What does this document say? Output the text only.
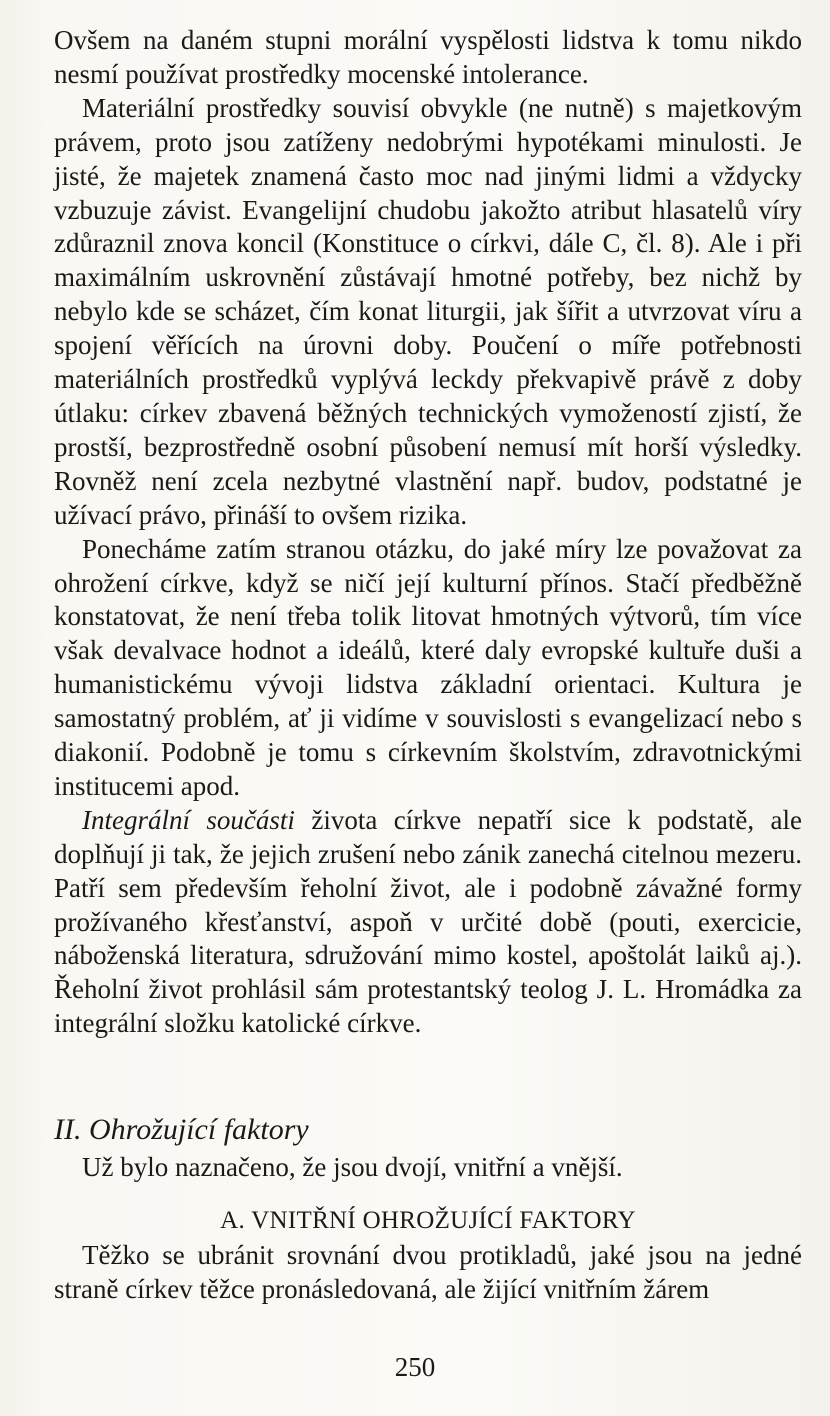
Ovšem na daném stupni morální vyspělosti lidstva k tomu nikdo nesmí používat prostředky mocenské intolerance.

Materiální prostředky souvisí obvykle (ne nutně) s majetkovým právem, proto jsou zatíženy nedobrými hypotékami minulosti. Je jisté, že majetek znamená často moc nad jinými lidmi a vždycky vzbuzuje závist. Evangelijní chudobu jakožto atribut hlasatelů víry zdůraznil znova koncil (Konstituce o církvi, dále C, čl. 8). Ale i při maximálním uskrovnění zůstávají hmotné potřeby, bez nichž by nebylo kde se scházet, čím konat liturgii, jak šířit a utvrzovat víru a spojení věřících na úrovni doby. Poučení o míře potřebnosti materiálních prostředků vyplývá leckdy překvapivě právě z doby útlaku: církev zbavená běžných technických vymožeností zjistí, že prostší, bezprostředně osobní působení nemusí mít horší výsledky. Rovněž není zcela nezbytné vlastnění např. budov, podstatné je užívací právo, přináší to ovšem rizika.

Ponecháme zatím stranou otázku, do jaké míry lze považovat za ohrožení církve, když se ničí její kulturní přínos. Stačí předběžně konstatovat, že není třeba tolik litovat hmotných výtvorů, tím více však devalvace hodnot a ideálů, které daly evropské kultuře duši a humanistickému vývoji lidstva základní orientaci. Kultura je samostatný problém, ať ji vidíme v souvislosti s evangelizací nebo s diakonií. Podobně je tomu s církevním školstvím, zdravotnickými institucemi apod.

Integrální součásti života církve nepatří sice k podstatě, ale doplňují ji tak, že jejich zrušení nebo zánik zanechá citelnou mezeru. Patří sem především řeholní život, ale i podobně závažné formy prožívaného křesťanství, aspoň v určité době (pouti, exercicie, náboženská literatura, sdružování mimo kostel, apoštolát laiků aj.). Řeholní život prohlásil sám protestantský teolog J. L. Hromádka za integrální složku katolické církve.

II. Ohrožující faktory

Už bylo naznačeno, že jsou dvojí, vnitřní a vnější.

A. VNITŘNÍ OHROŽUJÍCÍ FAKTORY

Těžko se ubránit srovnání dvou protikladů, jaké jsou na jedné straně církev těžce pronásledovaná, ale žijící vnitřním žárem

250
